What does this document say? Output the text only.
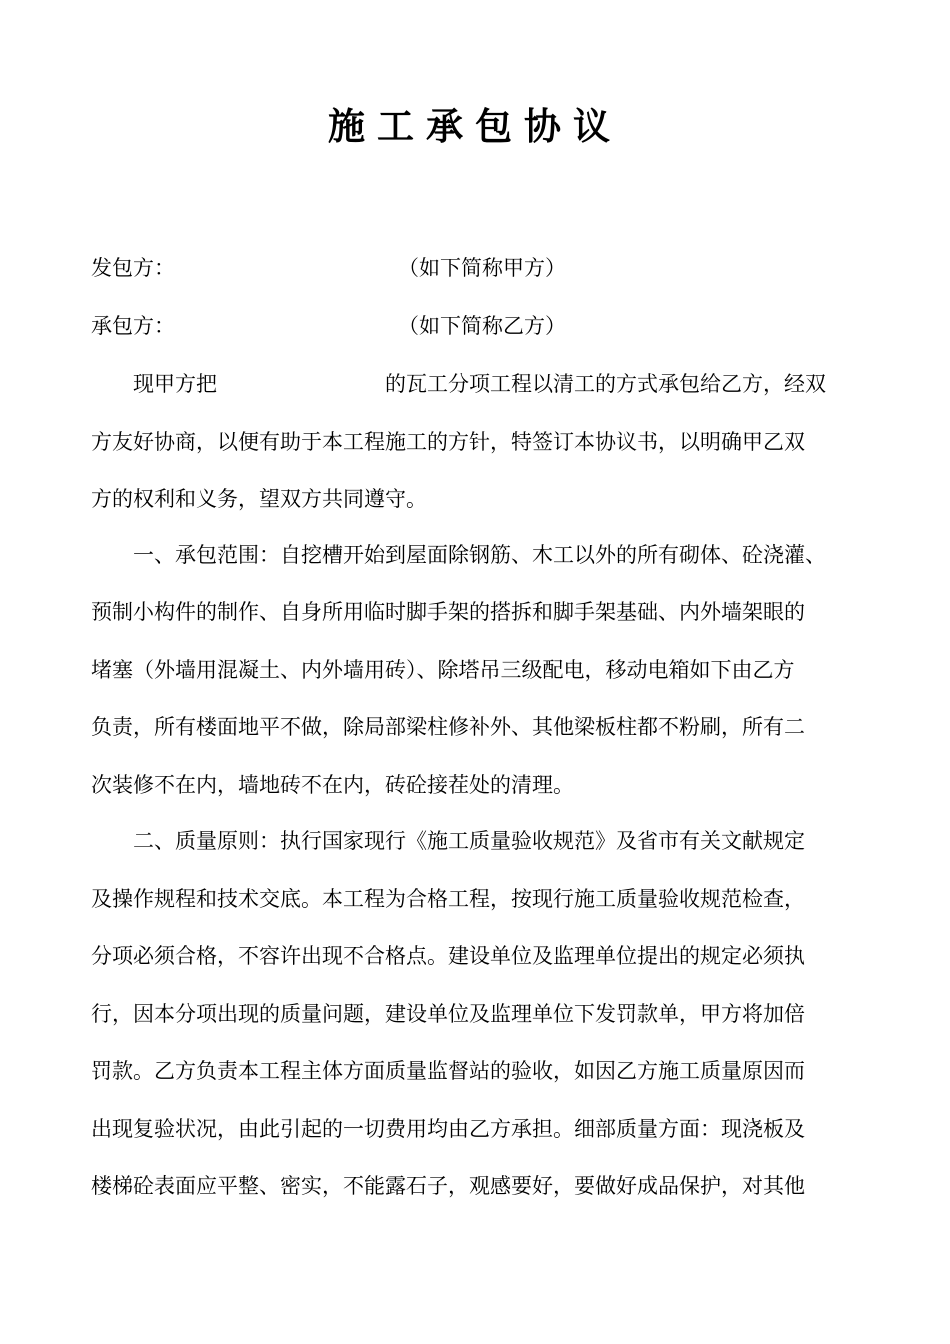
施工承包协议
发包方：	（如下简称甲方）
承包方：	（如下简称乙方）
　　现甲方把　　　　　　　　的瓦工分项工程以清工的方式承包给乙方，经双
方友好协商，以便有助于本工程施工的方针，特签订本协议书，以明确甲乙双
方的权利和义务，望双方共同遵守。
　　一、承包范围：自挖槽开始到屋面除钢筋、木工以外的所有砌体、砼浇灌、
预制小构件的制作、自身所用临时脚手架的搭拆和脚手架基础、内外墙架眼的
堵塞（外墙用混凝土、内外墙用砖）、除塔吊三级配电，移动电箱如下由乙方
负责，所有楼面地平不做，除局部梁柱修补外、其他梁板柱都不粉刷，所有二
次装修不在内，墙地砖不在内，砖砼接茬处的清理。
　　二、质量原则：执行国家现行《施工质量验收规范》及省市有关文献规定
及操作规程和技术交底。本工程为合格工程，按现行施工质量验收规范检查，
分项必须合格，不容许出现不合格点。建设单位及监理单位提出的规定必须执
行，因本分项出现的质量问题，建设单位及监理单位下发罚款单，甲方将加倍
罚款。乙方负责本工程主体方面质量监督站的验收，如因乙方施工质量原因而
出现复验状况，由此引起的一切费用均由乙方承担。细部质量方面：现浇板及
楼梯砼表面应平整、密实，不能露石子，观感要好，要做好成品保护，对其他
